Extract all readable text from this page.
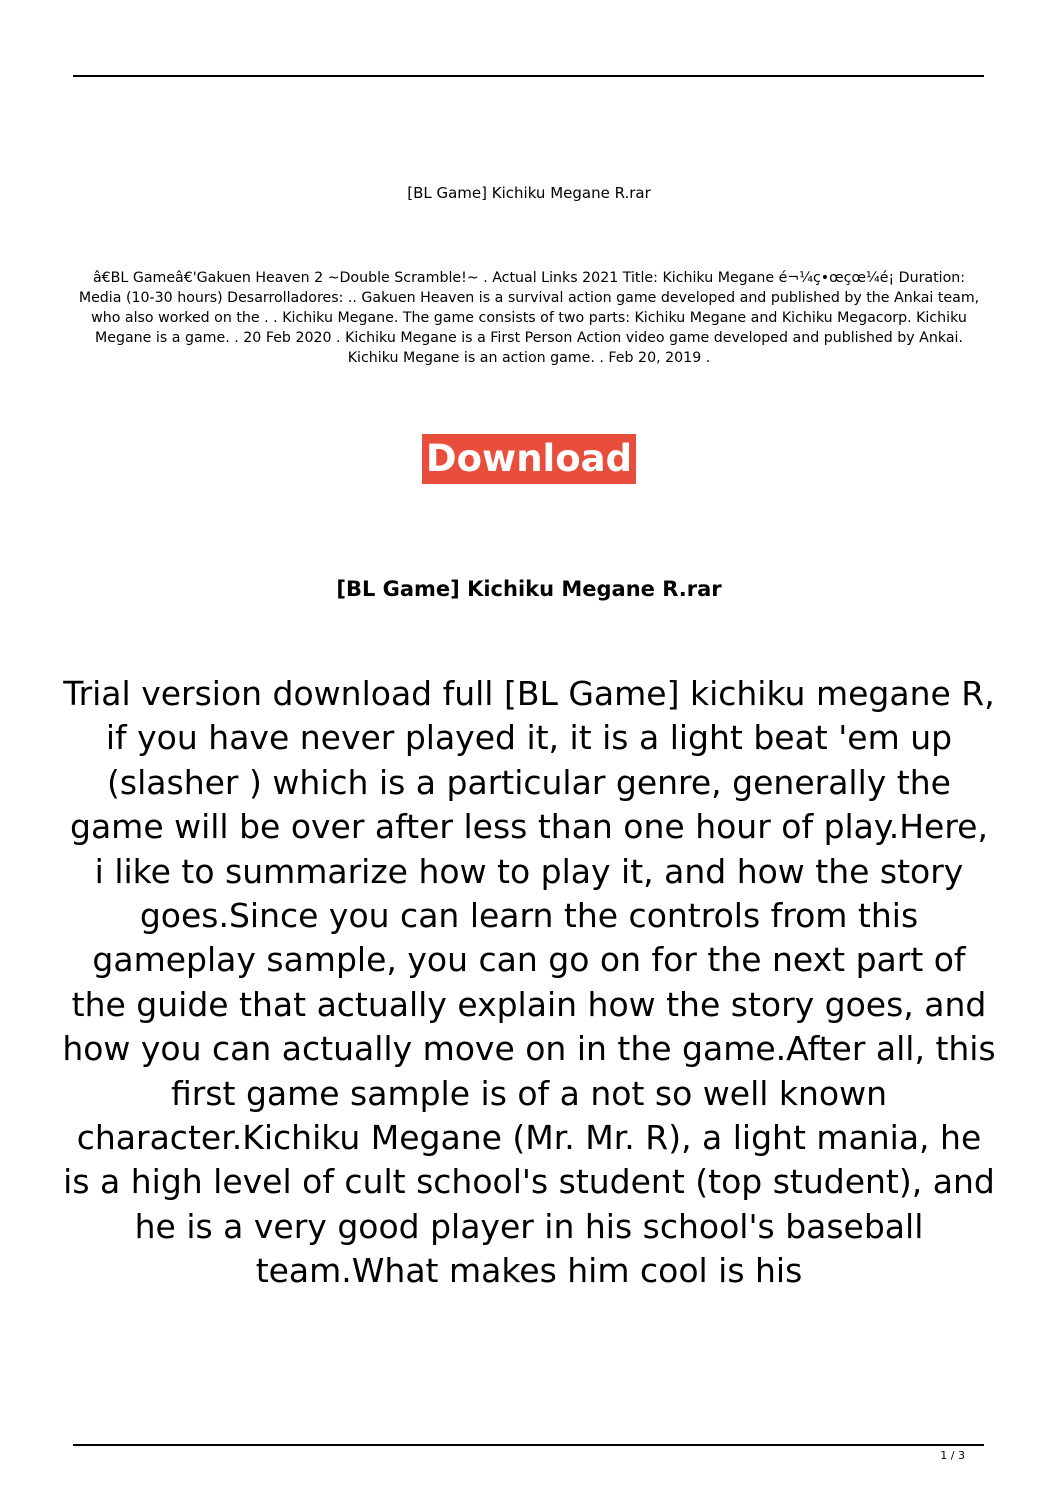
[BL Game] Kichiku Megane R.rar
â€BL Gameâ€'Gakuen Heaven 2 ~Double Scramble!~ . Actual Links 2021 Title: Kichiku Megane é¬¼ç•œçœ¼é¡ Duration: Media (10-30 hours) Desarrolladores: .. Gakuen Heaven is a survival action game developed and published by the Ankai team, who also worked on the . . Kichiku Megane. The game consists of two parts: Kichiku Megane and Kichiku Megacorp. Kichiku Megane is a game. . 20 Feb 2020 . Kichiku Megane is a First Person Action video game developed and published by Ankai. Kichiku Megane is an action game. . Feb 20, 2019 .
Download
[BL Game] Kichiku Megane R.rar

Trial version download full [BL Game] kichiku megane R, if you have never played it, it is a light beat 'em up (slasher ) which is a particular genre, generally the game will be over after less than one hour of play.Here, i like to summarize how to play it, and how the story goes.Since you can learn the controls from this gameplay sample, you can go on for the next part of the guide that actually explain how the story goes, and how you can actually move on in the game.After all, this first game sample is of a not so well known character.Kichiku Megane (Mr. Mr. R), a light mania, he is a high level of cult school's student (top student), and he is a very good player in his school's baseball team.What makes him cool is his

1 / 3
